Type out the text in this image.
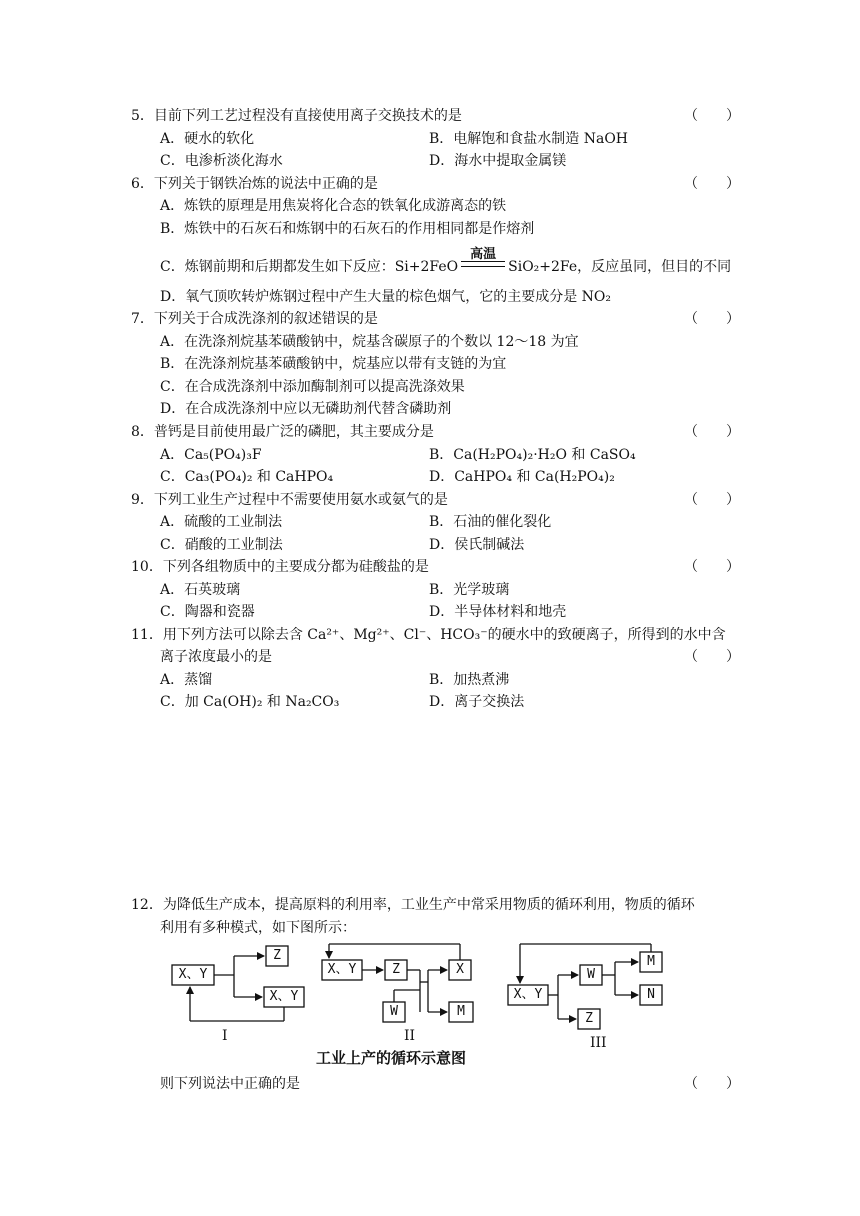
5．目前下列工艺过程没有直接使用离子交换技术的是	（　　）
A．硬水的软化	B．电解饱和食盐水制造 NaOH
C．电渗析淡化海水	D．海水中提取金属镁
6．下列关于钢铁冶炼的说法中正确的是	（　　）
A．炼铁的原理是用焦炭将化合态的铁氧化成游离态的铁
B．炼铁中的石灰石和炼钢中的石灰石的作用相同都是作熔剂
C．炼钢前期和后期都发生如下反应：Si+2FeO
高温
SiO₂+2Fe，反应虽同，但目的不同
D．氧气顶吹转炉炼钢过程中产生大量的棕色烟气，它的主要成分是 NO₂
7．下列关于合成洗涤剂的叙述错误的是	（　　）
A．在洗涤剂烷基苯磺酸钠中，烷基含碳原子的个数以 12～18 为宜
B．在洗涤剂烷基苯磺酸钠中，烷基应以带有支链的为宜
C．在合成洗涤剂中添加酶制剂可以提高洗涤效果
D．在合成洗涤剂中应以无磷助剂代替含磷助剂
8．普钙是目前使用最广泛的磷肥，其主要成分是	（　　）
A．Ca₅(PO₄)₃F	B．Ca(H₂PO₄)₂·H₂O 和 CaSO₄
C．Ca₃(PO₄)₂ 和 CaHPO₄	D．CaHPO₄ 和 Ca(H₂PO₄)₂
9．下列工业生产过程中不需要使用氨水或氨气的是	（　　）
A．硫酸的工业制法	B．石油的催化裂化
C．硝酸的工业制法	D．侯氏制碱法
10．下列各组物质中的主要成分都为硅酸盐的是	（　　）
A．石英玻璃	B．光学玻璃
C．陶器和瓷器	D．半导体材料和地壳
11．用下列方法可以除去含 Ca²⁺、Mg²⁺、Cl⁻、HCO₃⁻的硬水中的致硬离子，所得到的水中含
离子浓度最小的是	（　　）
A．蒸馏	B．加热煮沸
C．加 Ca(OH)₂ 和 Na₂CO₃	D．离子交换法
12．为降低生产成本，提高原料的利用率，工业生产中常采用物质的循环利用，物质的循环
利用有多种模式，如下图所示：
X、Y
Z
X、Y
I
X、Y	Z	X
W	M
II
X、Y
W
M
N
Z
III
工业上产的循环示意图
则下列说法中正确的是	（　　）
